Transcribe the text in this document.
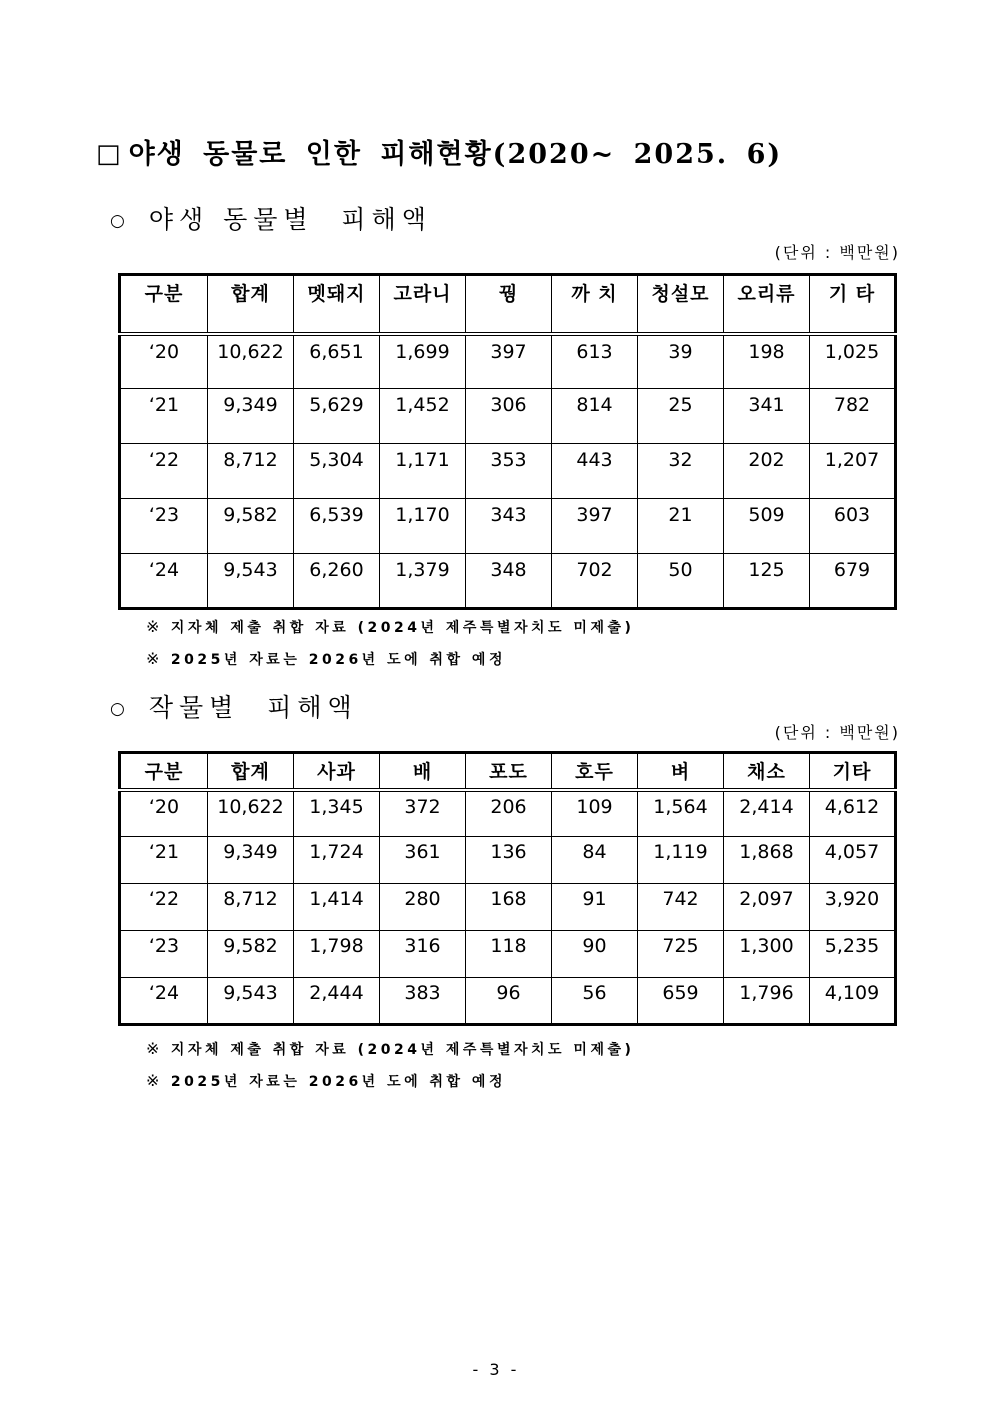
□ 야생 동물로 인한 피해현황(2020~ 2025. 6)
○ 야생 동물별  피해액
(단위 : 백만원)
구분	합계	멧돼지	고라니	꿩	까 치	청설모	오리류	기 타
‘20	10,622	6,651	1,699	397	613	39	198	1,025
‘21	9,349	5,629	1,452	306	814	25	341	782
‘22	8,712	5,304	1,171	353	443	32	202	1,207
‘23	9,582	6,539	1,170	343	397	21	509	603
‘24	9,543	6,260	1,379	348	702	50	125	679
※ 지자체 제출 취합 자료 (2024년 제주특별자치도 미제출)
※ 2025년 자료는 2026년 도에 취합 예정
○ 작물별  피해액
(단위 : 백만원)
구분	합계	사과	배	포도	호두	벼	채소	기타
‘20	10,622	1,345	372	206	109	1,564	2,414	4,612
‘21	9,349	1,724	361	136	84	1,119	1,868	4,057
‘22	8,712	1,414	280	168	91	742	2,097	3,920
‘23	9,582	1,798	316	118	90	725	1,300	5,235
‘24	9,543	2,444	383	96	56	659	1,796	4,109
※ 지자체 제출 취합 자료 (2024년 제주특별자치도 미제출)
※ 2025년 자료는 2026년 도에 취합 예정
- 3 -
